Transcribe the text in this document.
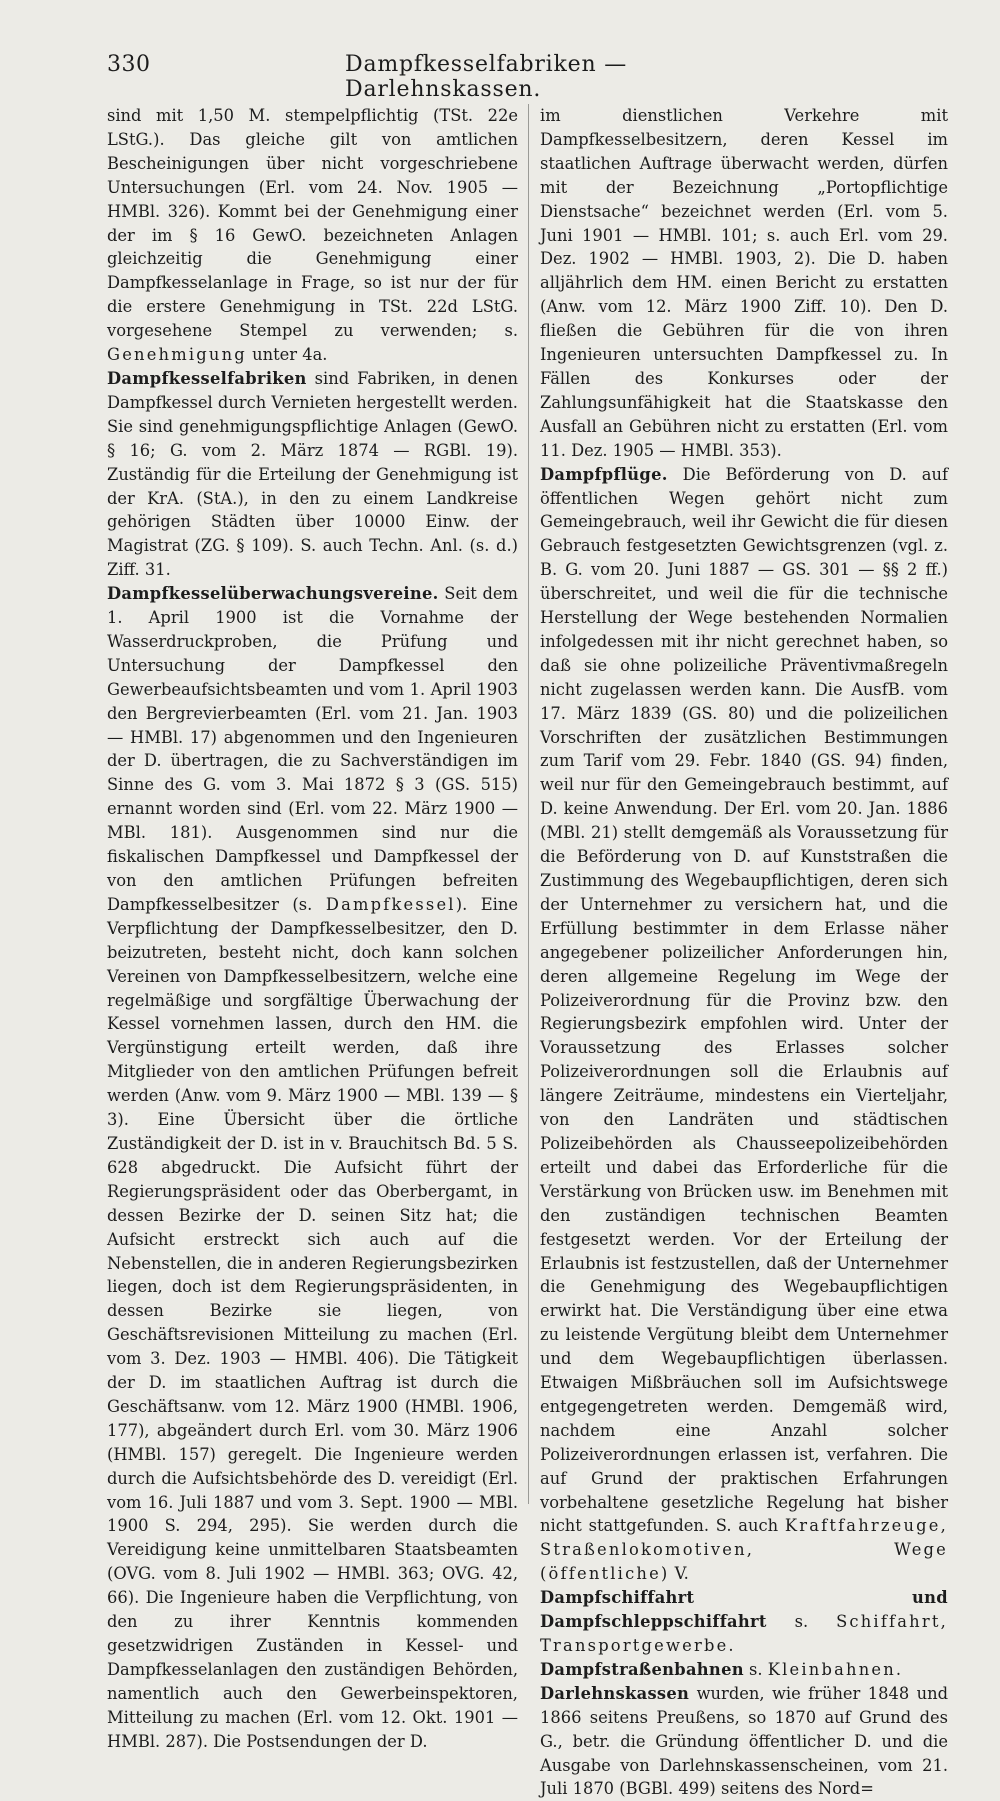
330	Dampfkesselfabriken — Darlehnskassen.

sind mit 1,50 M. stempelpflichtig (TSt. 22e LStG.). Das gleiche gilt von amtlichen Bescheinigungen über nicht vorgeschriebene Untersuchungen (Erl. vom 24. Nov. 1905 — HMBl. 326). Kommt bei der Genehmigung einer der im § 16 GewO. bezeichneten Anlagen gleichzeitig die Genehmigung einer Dampfkesselanlage in Frage, so ist nur der für die erstere Genehmigung in TSt. 22d LStG. vorgesehene Stempel zu verwenden; s. Genehmigung unter 4a.

Dampfkesselfabriken sind Fabriken, in denen Dampfkessel durch Vernieten hergestellt werden. Sie sind genehmigungspflichtige Anlagen (GewO. § 16; G. vom 2. März 1874 — RGBl. 19). Zuständig für die Erteilung der Genehmigung ist der KrA. (StA.), in den zu einem Landkreise gehörigen Städten über 10000 Einw. der Magistrat (ZG. § 109). S. auch Techn. Anl. (s. d.) Ziff. 31.

Dampfkesselüberwachungsvereine. Seit dem 1. April 1900 ist die Vornahme der Wasserdruckproben, die Prüfung und Untersuchung der Dampfkessel den Gewerbeaufsichtsbeamten und vom 1. April 1903 den Bergrevierbeamten (Erl. vom 21. Jan. 1903 — HMBl. 17) abgenommen und den Ingenieuren der D. übertragen, die zu Sachverständigen im Sinne des G. vom 3. Mai 1872 § 3 (GS. 515) ernannt worden sind (Erl. vom 22. März 1900 — MBl. 181). Ausgenommen sind nur die fiskalischen Dampfkessel und Dampfkessel der von den amtlichen Prüfungen befreiten Dampfkesselbesitzer (s. Dampfkessel). Eine Verpflichtung der Dampfkesselbesitzer, den D. beizutreten, besteht nicht, doch kann solchen Vereinen von Dampfkesselbesitzern, welche eine regelmäßige und sorgfältige Überwachung der Kessel vornehmen lassen, durch den HM. die Vergünstigung erteilt werden, daß ihre Mitglieder von den amtlichen Prüfungen befreit werden (Anw. vom 9. März 1900 — MBl. 139 — § 3). Eine Übersicht über die örtliche Zuständigkeit der D. ist in v. Brauchitsch Bd. 5 S. 628 abgedruckt. Die Aufsicht führt der Regierungspräsident oder das Oberbergamt, in dessen Bezirke der D. seinen Sitz hat; die Aufsicht erstreckt sich auch auf die Nebenstellen, die in anderen Regierungsbezirken liegen, doch ist dem Regierungspräsidenten, in dessen Bezirke sie liegen, von Geschäftsrevisionen Mitteilung zu machen (Erl. vom 3. Dez. 1903 — HMBl. 406). Die Tätigkeit der D. im staatlichen Auftrag ist durch die Geschäftsanw. vom 12. März 1900 (HMBl. 1906, 177), abgeändert durch Erl. vom 30. März 1906 (HMBl. 157) geregelt. Die Ingenieure werden durch die Aufsichtsbehörde des D. vereidigt (Erl. vom 16. Juli 1887 und vom 3. Sept. 1900 — MBl. 1900 S. 294, 295). Sie werden durch die Vereidigung keine unmittelbaren Staatsbeamten (OVG. vom 8. Juli 1902 — HMBl. 363; OVG. 42, 66). Die Ingenieure haben die Verpflichtung, von den zu ihrer Kenntnis kommenden gesetzwidrigen Zuständen in Kessel- und Dampfkesselanlagen den zuständigen Behörden, namentlich auch den Gewerbeinspektoren, Mitteilung zu machen (Erl. vom 12. Okt. 1901 — HMBl. 287). Die Postsendungen der D.

im dienstlichen Verkehre mit Dampfkesselbesitzern, deren Kessel im staatlichen Auftrage überwacht werden, dürfen mit der Bezeichnung „Portopflichtige Dienstsache“ bezeichnet werden (Erl. vom 5. Juni 1901 — HMBl. 101; s. auch Erl. vom 29. Dez. 1902 — HMBl. 1903, 2). Die D. haben alljährlich dem HM. einen Bericht zu erstatten (Anw. vom 12. März 1900 Ziff. 10). Den D. fließen die Gebühren für die von ihren Ingenieuren untersuchten Dampfkessel zu. In Fällen des Konkurses oder der Zahlungsunfähigkeit hat die Staatskasse den Ausfall an Gebühren nicht zu erstatten (Erl. vom 11. Dez. 1905 — HMBl. 353).

Dampfpflüge. Die Beförderung von D. auf öffentlichen Wegen gehört nicht zum Gemeingebrauch, weil ihr Gewicht die für diesen Gebrauch festgesetzten Gewichtsgrenzen (vgl. z. B. G. vom 20. Juni 1887 — GS. 301 — §§ 2 ff.) überschreitet, und weil die für die technische Herstellung der Wege bestehenden Normalien infolgedessen mit ihr nicht gerechnet haben, so daß sie ohne polizeiliche Präventivmaßregeln nicht zugelassen werden kann. Die AusfB. vom 17. März 1839 (GS. 80) und die polizeilichen Vorschriften der zusätzlichen Bestimmungen zum Tarif vom 29. Febr. 1840 (GS. 94) finden, weil nur für den Gemeingebrauch bestimmt, auf D. keine Anwendung. Der Erl. vom 20. Jan. 1886 (MBl. 21) stellt demgemäß als Voraussetzung für die Beförderung von D. auf Kunststraßen die Zustimmung des Wegebaupflichtigen, deren sich der Unternehmer zu versichern hat, und die Erfüllung bestimmter in dem Erlasse näher angegebener polizeilicher Anforderungen hin, deren allgemeine Regelung im Wege der Polizeiverordnung für die Provinz bzw. den Regierungsbezirk empfohlen wird. Unter der Voraussetzung des Erlasses solcher Polizeiverordnungen soll die Erlaubnis auf längere Zeiträume, mindestens ein Vierteljahr, von den Landräten und städtischen Polizeibehörden als Chausseepolizeibehörden erteilt und dabei das Erforderliche für die Verstärkung von Brücken usw. im Benehmen mit den zuständigen technischen Beamten festgesetzt werden. Vor der Erteilung der Erlaubnis ist festzustellen, daß der Unternehmer die Genehmigung des Wegebaupflichtigen erwirkt hat. Die Verständigung über eine etwa zu leistende Vergütung bleibt dem Unternehmer und dem Wegebaupflichtigen überlassen. Etwaigen Mißbräuchen soll im Aufsichtswege entgegengetreten werden. Demgemäß wird, nachdem eine Anzahl solcher Polizeiverordnungen erlassen ist, verfahren. Die auf Grund der praktischen Erfahrungen vorbehaltene gesetzliche Regelung hat bisher nicht stattgefunden. S. auch Kraftfahrzeuge, Straßenlokomotiven, Wege (öffentliche) V.

Dampfschiffahrt und Dampfschleppschiffahrt s. Schiffahrt, Transportgewerbe.

Dampfstraßenbahnen s. Kleinbahnen.

Darlehnskassen wurden, wie früher 1848 und 1866 seitens Preußens, so 1870 auf Grund des G., betr. die Gründung öffentlicher D. und die Ausgabe von Darlehnskassenscheinen, vom 21. Juli 1870 (BGBl. 499) seitens des Nord=
